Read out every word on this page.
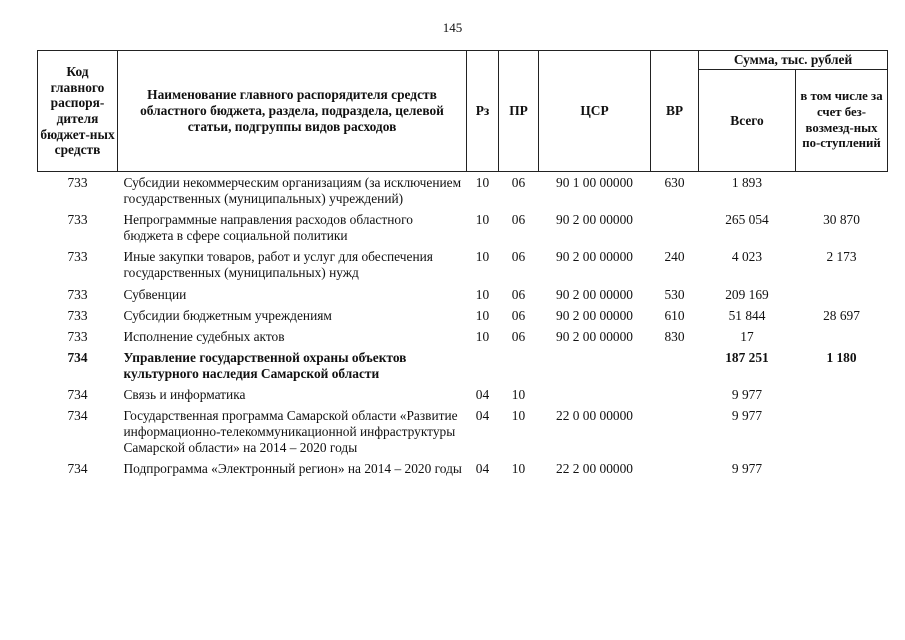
145
Код главного распоря-дителя бюджет-ных средств	Наименование главного распорядителя средств областного бюджета, раздела, подраздела, целевой статьи, подгруппы видов расходов	Рз	ПР	ЦСР	ВР	Сумма, тыс. рублей	
						Всего	в том числе за счет без-возмезд-ных по-ступлений
733	Субсидии некоммерческим организациям (за исключением государственных (муниципальных) учреждений)	10	06	90 1 00 00000	630	1 893	
733	Непрограммные направления расходов областного бюджета в сфере социальной политики	10	06	90 2 00 00000		265 054	30 870
733	Иные закупки товаров, работ и услуг для обеспечения государственных (муниципальных) нужд	10	06	90 2 00 00000	240	4 023	2 173
733	Субвенции	10	06	90 2 00 00000	530	209 169	
733	Субсидии бюджетным учреждениям	10	06	90 2 00 00000	610	51 844	28 697
733	Исполнение судебных актов	10	06	90 2 00 00000	830	17	
734	Управление государственной охраны объектов культурного наследия Самарской области					187 251	1 180
734	Связь и информатика	04	10			9 977	
734	Государственная программа Самарской области «Развитие информационно-телекоммуникационной инфраструктуры Самарской области» на 2014 – 2020 годы	04	10	22 0 00 00000		9 977	
734	Подпрограмма «Электронный регион» на 2014 – 2020 годы	04	10	22 2 00 00000		9 977	
